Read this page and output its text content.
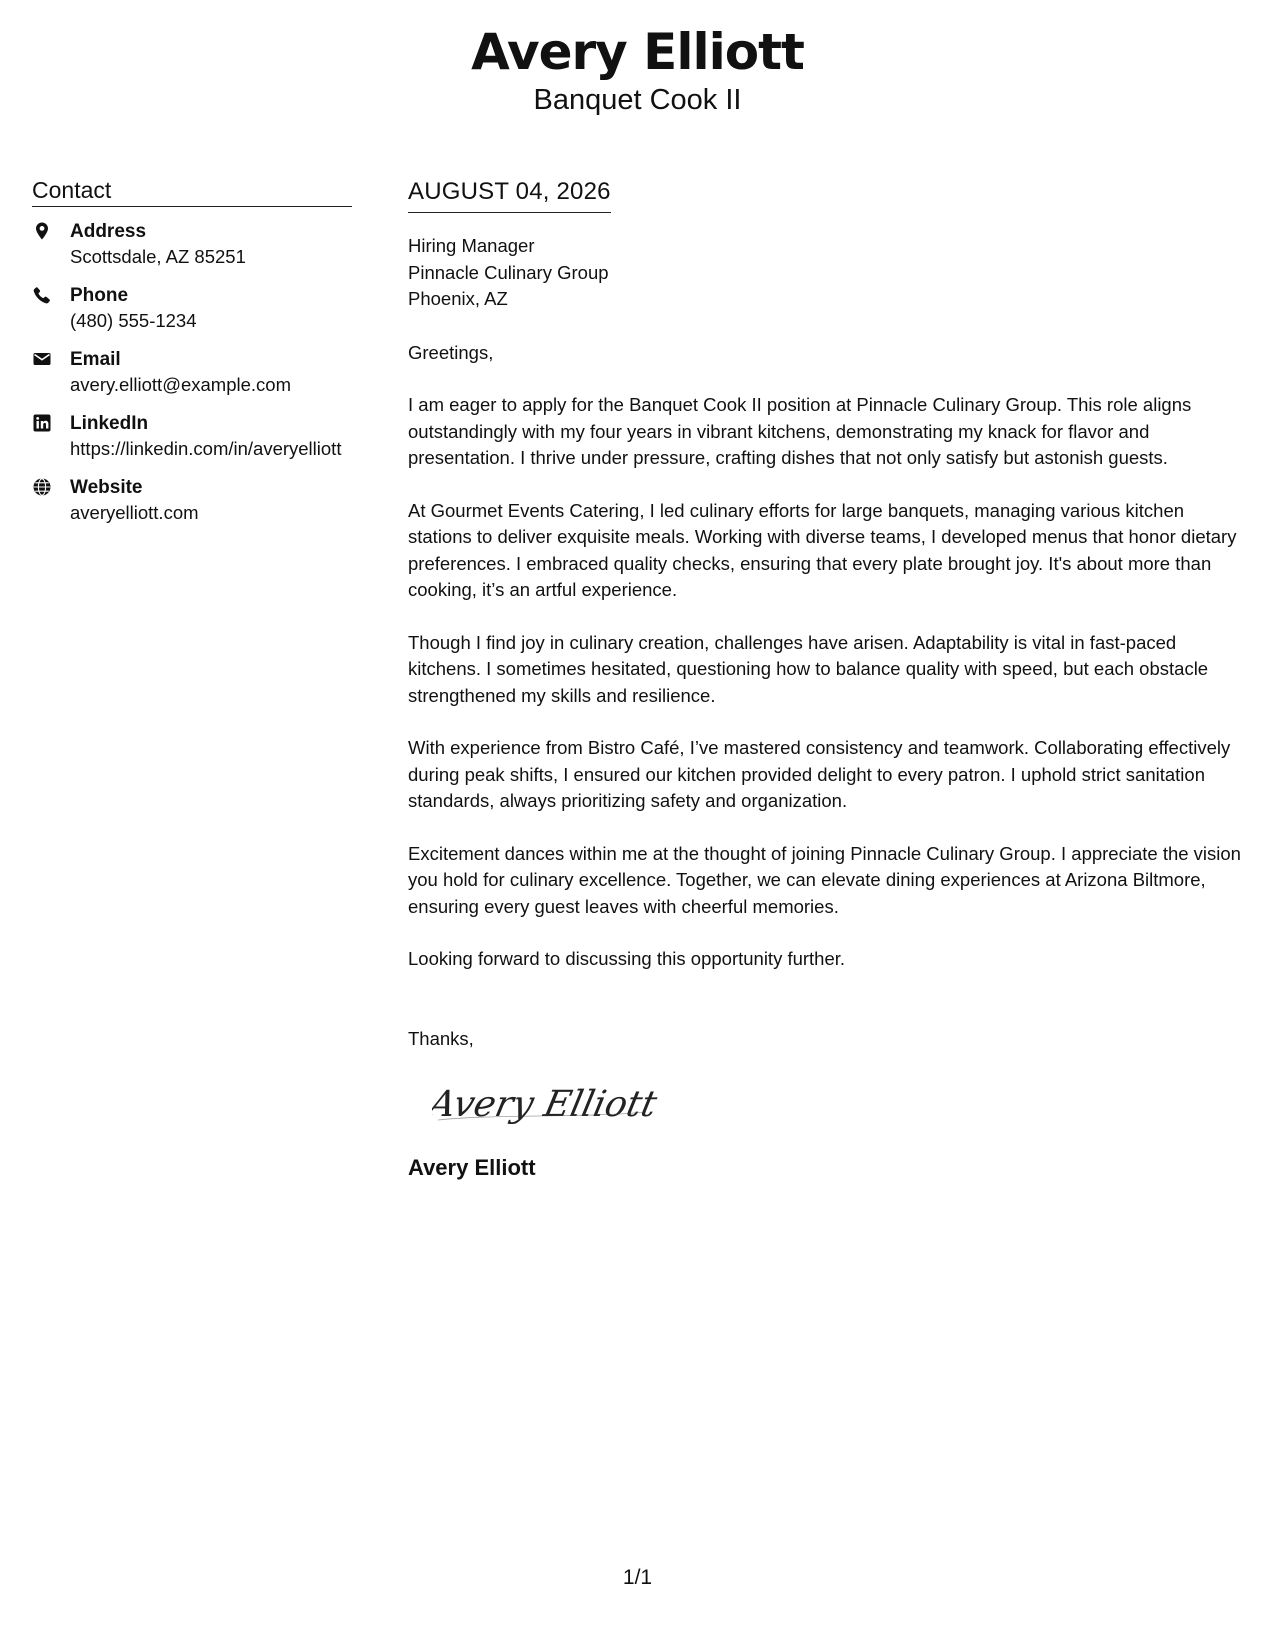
Avery Elliott
Banquet Cook II
Contact
Address
Scottsdale, AZ 85251
Phone
(480) 555-1234
Email
avery.elliott@example.com
LinkedIn
https://linkedin.com/in/averyelliott
Website
averyelliott.com
AUGUST 04, 2026
Hiring Manager
Pinnacle Culinary Group
Phoenix, AZ
Greetings,
I am eager to apply for the Banquet Cook II position at Pinnacle Culinary Group. This role aligns outstandingly with my four years in vibrant kitchens, demonstrating my knack for flavor and presentation. I thrive under pressure, crafting dishes that not only satisfy but astonish guests.
At Gourmet Events Catering, I led culinary efforts for large banquets, managing various kitchen stations to deliver exquisite meals. Working with diverse teams, I developed menus that honor dietary preferences. I embraced quality checks, ensuring that every plate brought joy. It's about more than cooking, it’s an artful experience.
Though I find joy in culinary creation, challenges have arisen. Adaptability is vital in fast-paced kitchens. I sometimes hesitated, questioning how to balance quality with speed, but each obstacle strengthened my skills and resilience.
With experience from Bistro Café, I’ve mastered consistency and teamwork. Collaborating effectively during peak shifts, I ensured our kitchen provided delight to every patron. I uphold strict sanitation standards, always prioritizing safety and organization.
Excitement dances within me at the thought of joining Pinnacle Culinary Group. I appreciate the vision you hold for culinary excellence. Together, we can elevate dining experiences at Arizona Biltmore, ensuring every guest leaves with cheerful memories.
Looking forward to discussing this opportunity further.
Thanks,
Avery Elliott
Avery Elliott
1/1
